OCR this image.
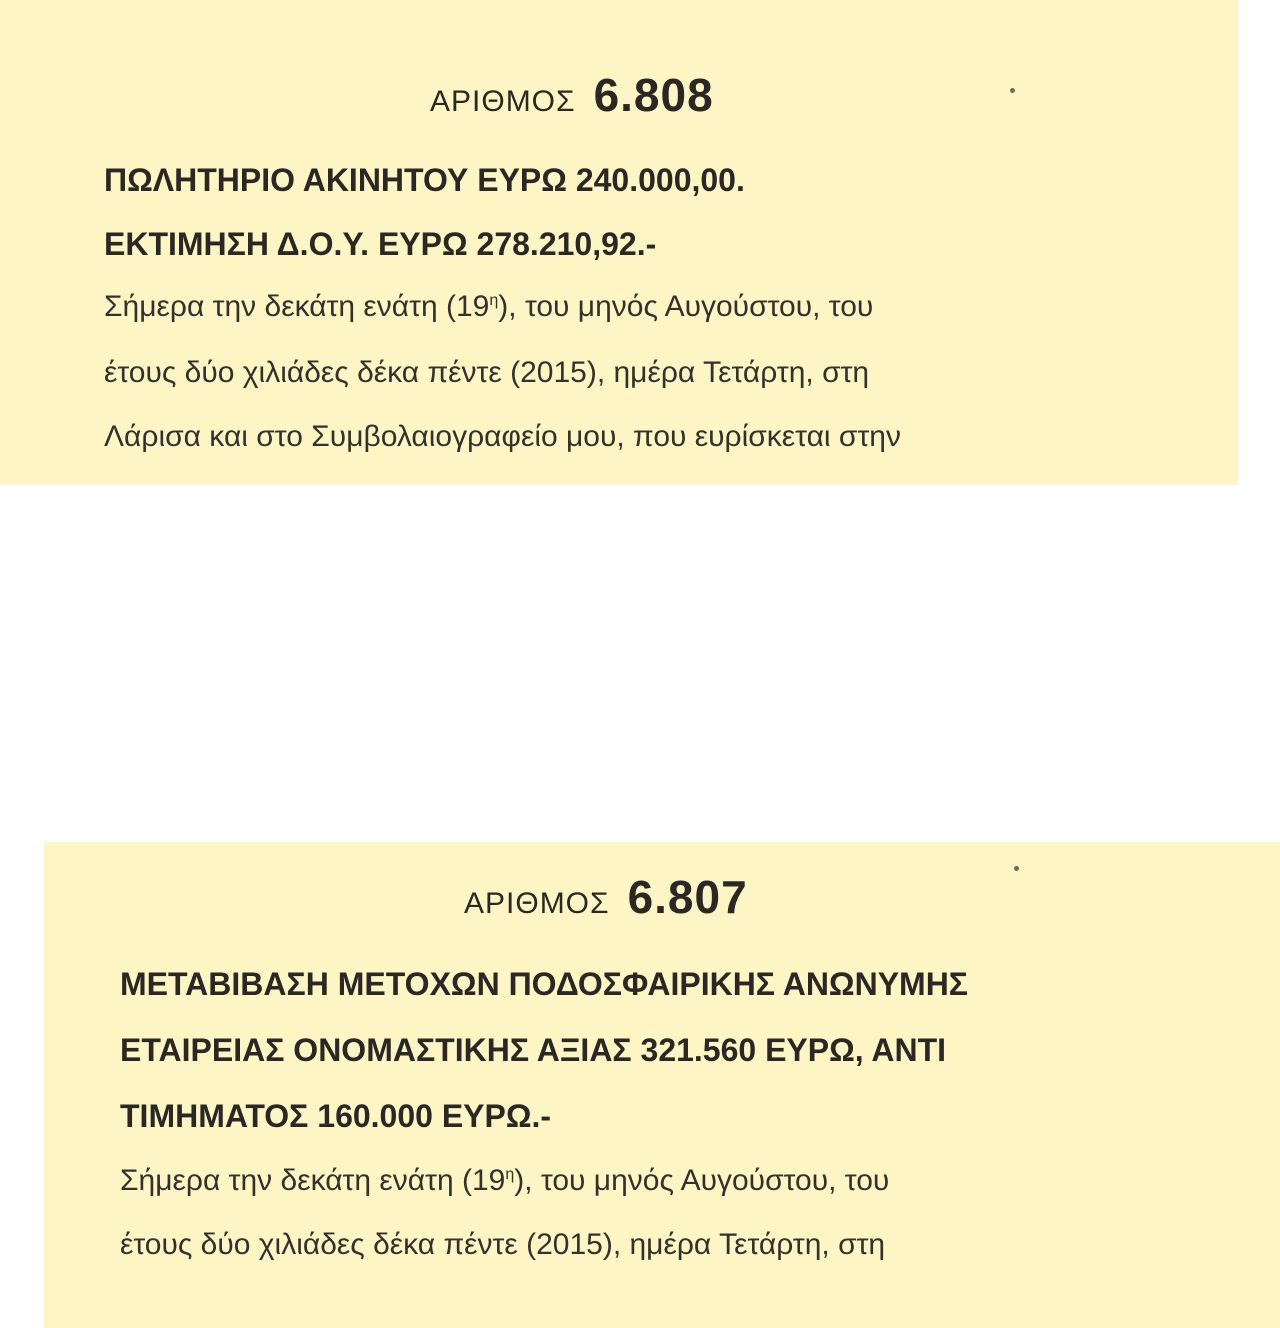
ΑΡΙΘΜΟΣ 6.808
ΠΩΛΗΤΗΡΙΟ ΑΚΙΝΗΤΟΥ ΕΥΡΩ 240.000,00.
ΕΚΤΙΜΗΣΗ Δ.Ο.Υ. ΕΥΡΩ 278.210,92.-
Σήμερα την δεκάτη ενάτη $(19^\eta)$, του μηνός Αυγούστου, του
έτους δύο χιλιάδες δέκα πέντε (2015), ημέρα Τετάρτη, στη
Λάρισα και στο Συμβολαιογραφείο μου, που ευρίσκεται στην
ΑΡΙΘΜΟΣ 6.807
ΜΕΤΑΒΙΒΑΣΗ ΜΕΤΟΧΩΝ ΠΟΔΟΣΦΑΙΡΙΚΗΣ ΑΝΩΝΥΜΗΣ
ΕΤΑΙΡΕΙΑΣ ΟΝΟΜΑΣΤΙΚΗΣ ΑΞΙΑΣ 321.560 ΕΥΡΩ, ΑΝΤΙ
ΤΙΜΗΜΑΤΟΣ 160.000 ΕΥΡΩ.-
Σήμερα την δεκάτη ενάτη $(19^\eta)$, του μηνός Αυγούστου, του
έτους δύο χιλιάδες δέκα πέντε (2015), ημέρα Τετάρτη, στη
